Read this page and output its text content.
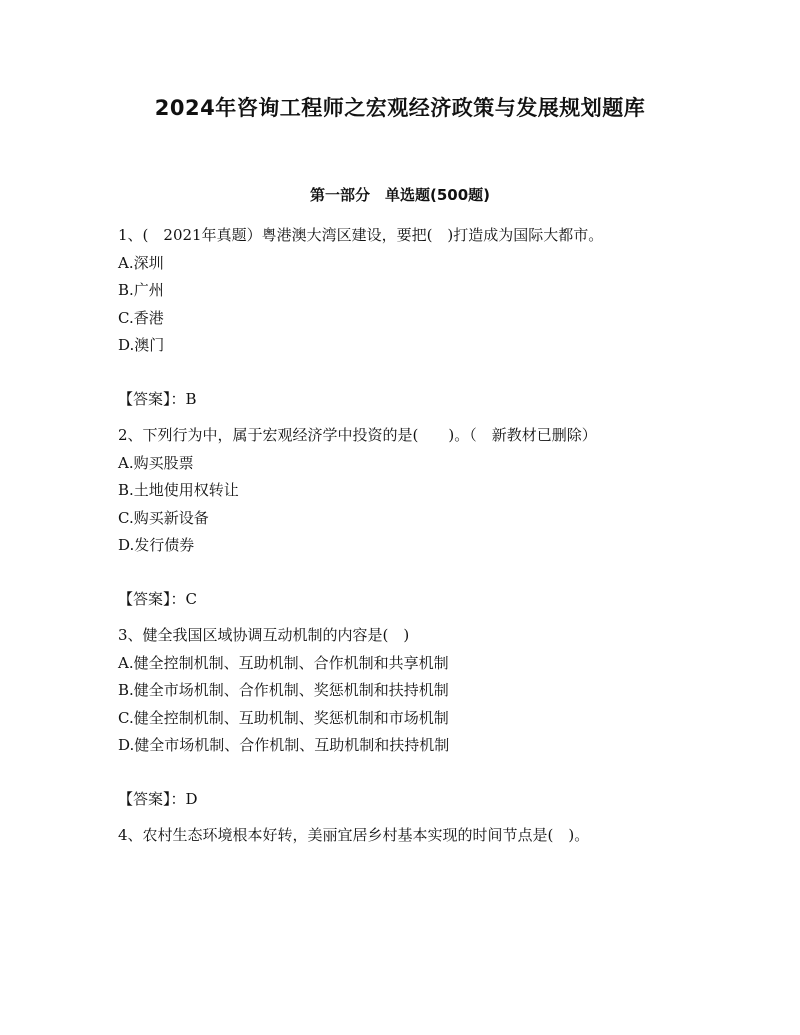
2024年咨询工程师之宏观经济政策与发展规划题库
第一部分　单选题(500题)

1、(　2021年真题）粤港澳大湾区建设，要把(　)打造成为国际大都市。

A.深圳

B.广州

C.香港

D.澳门

【答案】：B

2、下列行为中，属于宏观经济学中投资的是(　　)。（　新教材已删除）

A.购买股票

B.土地使用权转让

C.购买新设备

D.发行债券

【答案】：C

3、健全我国区域协调互动机制的内容是(　)

A.健全控制机制、互助机制、合作机制和共享机制

B.健全市场机制、合作机制、奖惩机制和扶持机制

C.健全控制机制、互助机制、奖惩机制和市场机制

D.健全市场机制、合作机制、互助机制和扶持机制

【答案】：D

4、农村生态环境根本好转，美丽宜居乡村基本实现的时间节点是(　)。
